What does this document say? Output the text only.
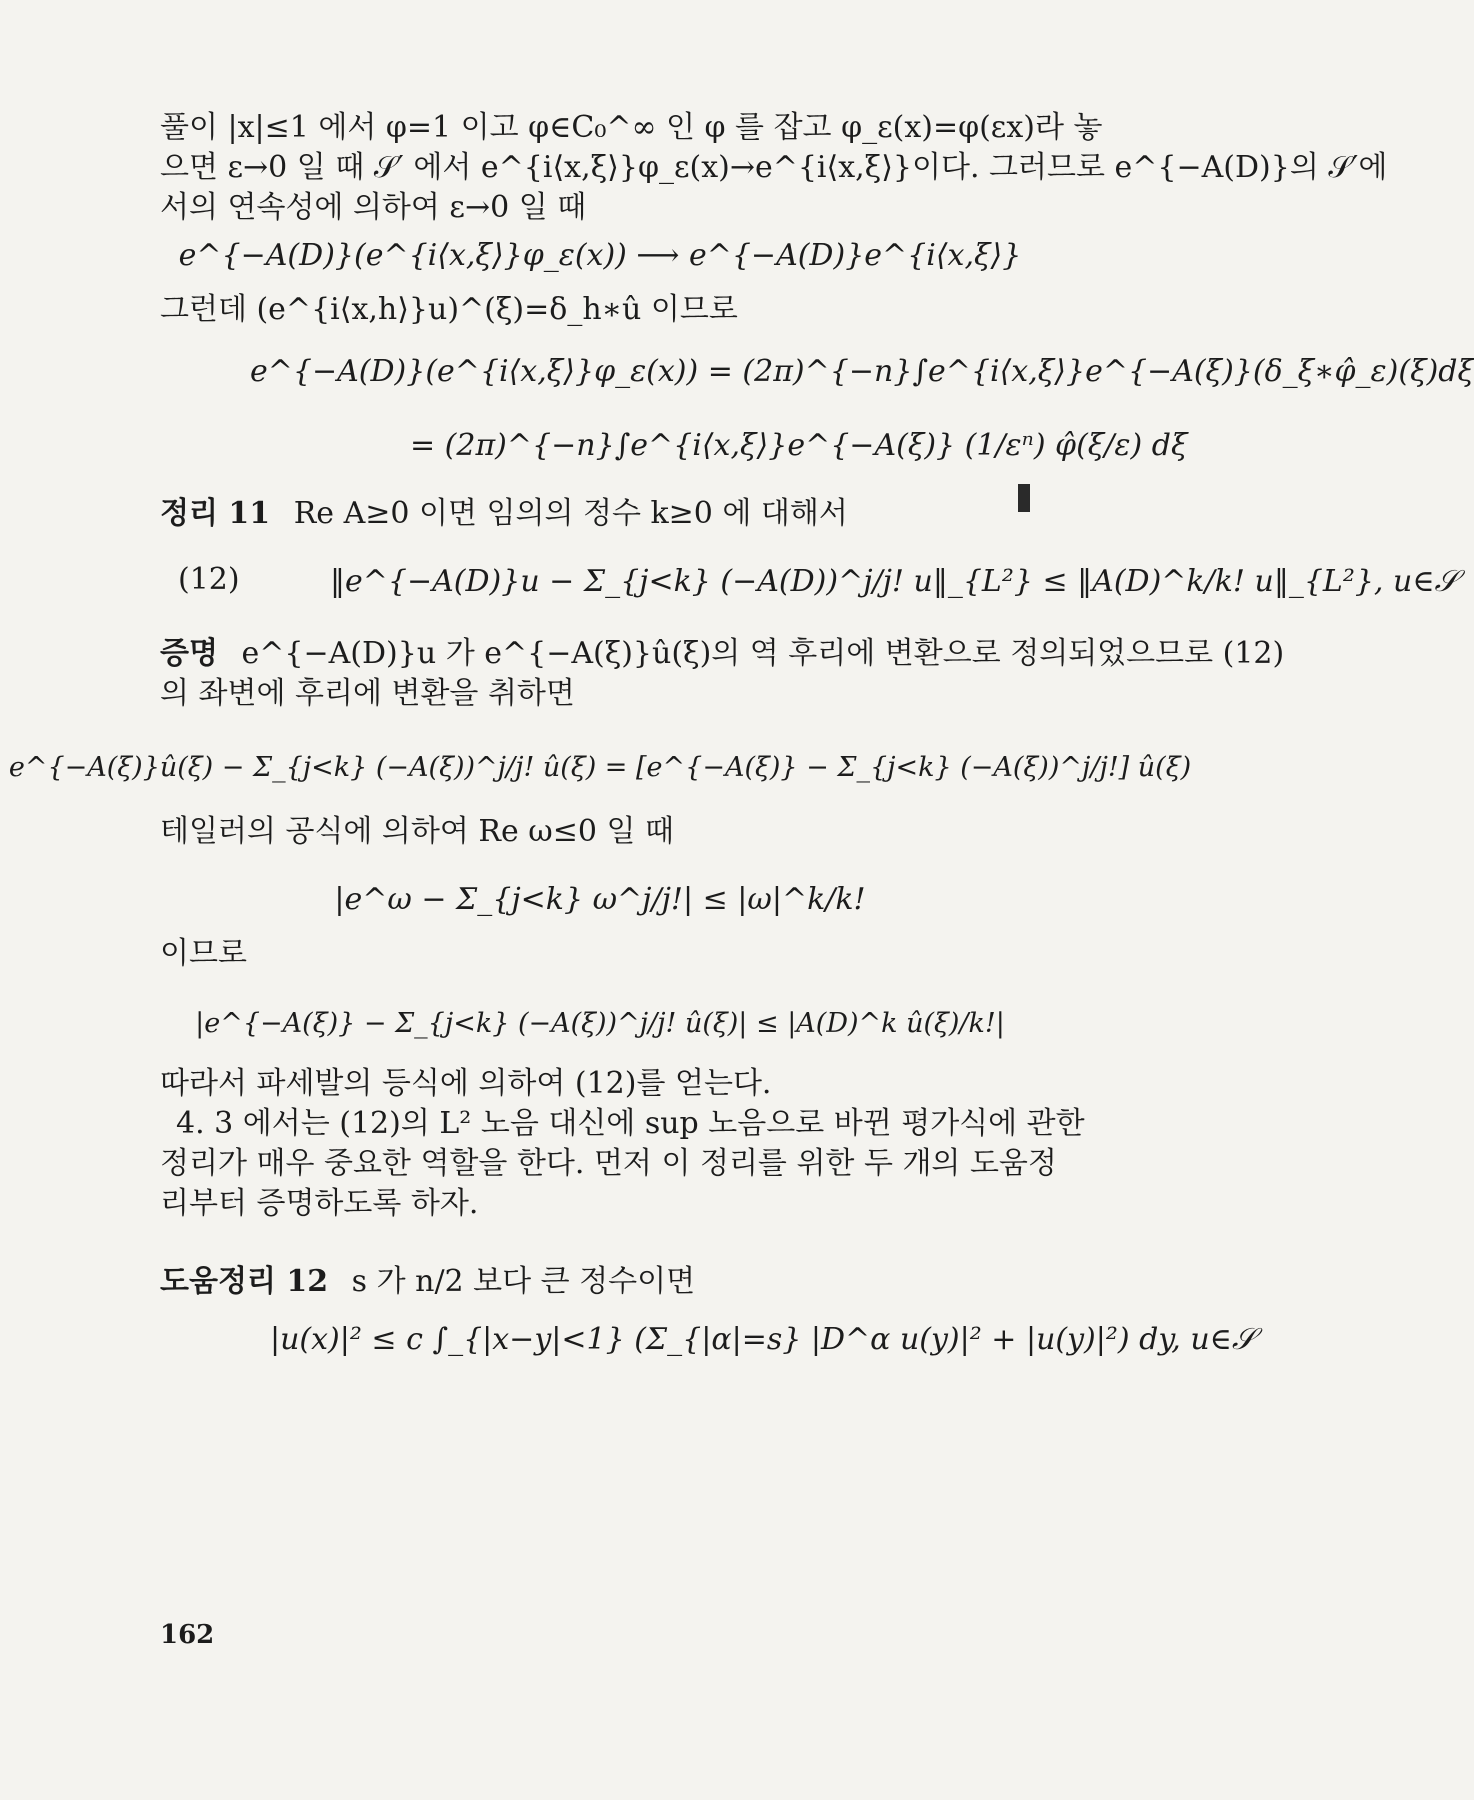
풀이 |x|≤1 에서 φ=1 이고 φ∈C₀^∞ 인 φ 를 잡고 φ_ε(x)=φ(εx)라 놓
으면 ε→0 일 때 𝒮′ 에서 e^{i⟨x,ξ⟩}φ_ε(x)→e^{i⟨x,ξ⟩}이다. 그러므로 e^{−A(D)}의 𝒮′에
서의 연속성에 의하여 ε→0 일 때
e^{−A(D)}(e^{i⟨x,ξ⟩}φ_ε(x)) ⟶ e^{−A(D)}e^{i⟨x,ξ⟩}
그런데 (e^{i⟨x,h⟩}u)^(ξ)=δ_h∗û 이므로
e^{−A(D)}(e^{i⟨x,ξ⟩}φ_ε(x)) = (2π)^{−n}∫e^{i⟨x,ξ⟩}e^{−A(ξ)}(δ_ξ∗φ̂_ε)(ξ)dξ
= (2π)^{−n}∫e^{i⟨x,ξ⟩}e^{−A(ξ)} (1/εⁿ) φ̂(ξ/ε) dξ
정리 11 Re A≥0 이면 임의의 정수 k≥0 에 대해서
(12)	‖e^{−A(D)}u − Σ_{j<k} (−A(D))^j/j! u‖_{L²} ≤ ‖A(D)^k/k! u‖_{L²}, u∈𝒮
증명 e^{−A(D)}u 가 e^{−A(ξ)}û(ξ)의 역 후리에 변환으로 정의되었으므로 (12)
의 좌변에 후리에 변환을 취하면
e^{−A(ξ)}û(ξ) − Σ_{j<k} (−A(ξ))^j/j! û(ξ) = [e^{−A(ξ)} − Σ_{j<k} (−A(ξ))^j/j!] û(ξ)
테일러의 공식에 의하여 Re ω≤0 일 때
|e^ω − Σ_{j<k} ω^j/j!| ≤ |ω|^k/k!
이므로
|e^{−A(ξ)} − Σ_{j<k} (−A(ξ))^j/j! û(ξ)| ≤ |A(D)^k û(ξ)/k!|
따라서 파세발의 등식에 의하여 (12)를 얻는다.
4. 3 에서는 (12)의 L² 노음 대신에 sup 노음으로 바뀐 평가식에 관한
정리가 매우 중요한 역할을 한다. 먼저 이 정리를 위한 두 개의 도움정
리부터 증명하도록 하자.
도움정리 12 s 가 n/2 보다 큰 정수이면
|u(x)|² ≤ c ∫_{|x−y|<1} (Σ_{|α|=s} |D^α u(y)|² + |u(y)|²) dy, u∈𝒮
162
